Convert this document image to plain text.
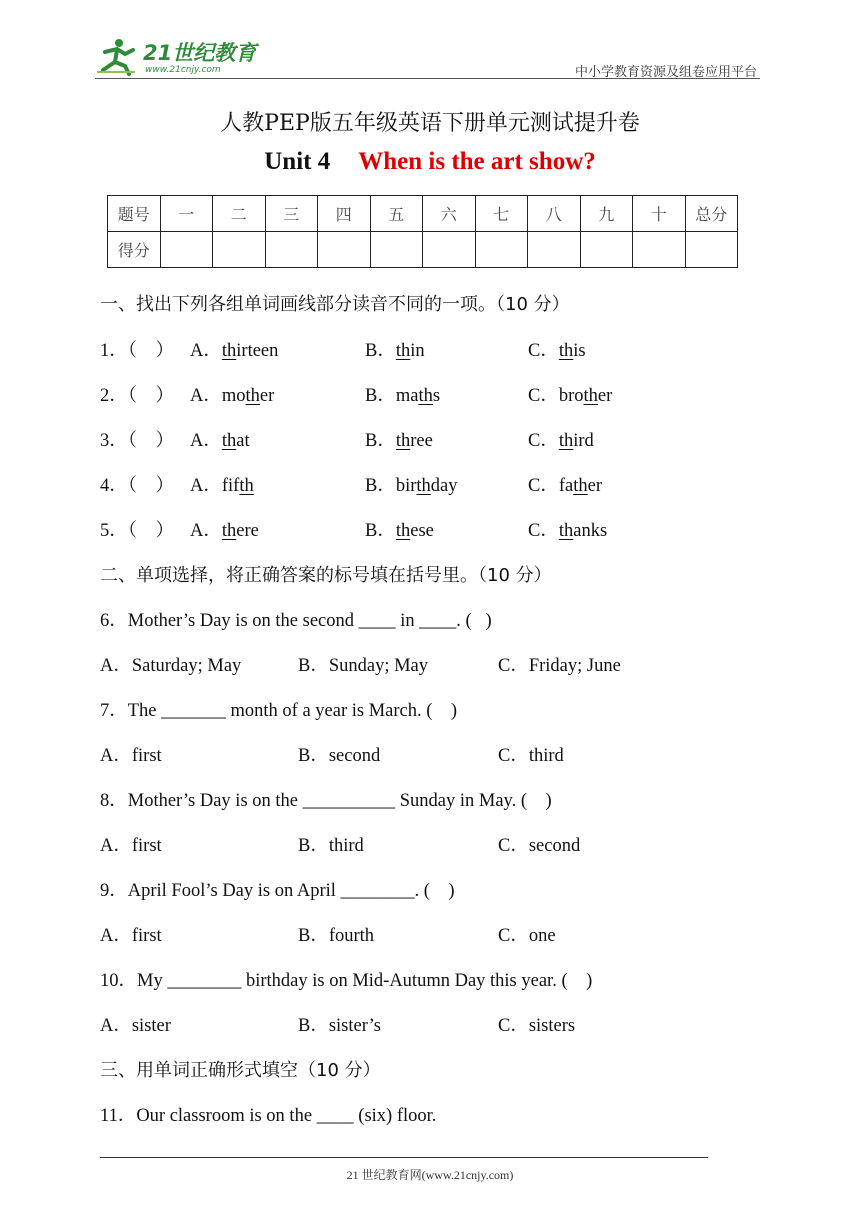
21世纪教育
www.21cnjy.com	中小学教育资源及组卷应用平台
人教PEP版五年级英语下册单元测试提升卷
Unit 4 When is the art show?
题号	一	二	三	四	五	六	七	八	九	十	总分
得分											
一、找出下列各组单词画线部分读音不同的一项。（10 分）
1．（　） A．thirteen	B．thin	C．this
2．（　） A．mother	B．maths	C．brother
3．（　） A．that	B．three	C．third
4．（　） A．fifth	B．birthday	C．father
5．（　） A．there	B．these	C．thanks
二、单项选择，将正确答案的标号填在括号里。（10 分）
6．Mother’s Day is on the second ____ in ____. (   )
A．Saturday; May	B．Sunday; May	C．Friday; June
7．The _______ month of a year is March. (    )
A．first	B．second	C．third
8．Mother’s Day is on the __________ Sunday in May. (    )
A．first	B．third	C．second
9．April Fool’s Day is on April ________. (    )
A．first	B．fourth	C．one
10．My ________ birthday is on Mid-Autumn Day this year. (    )
A．sister	B．sister’s	C．sisters
三、用单词正确形式填空（10 分）
11．Our classroom is on the ____ (six) floor.
21 世纪教育网(www.21cnjy.com)
